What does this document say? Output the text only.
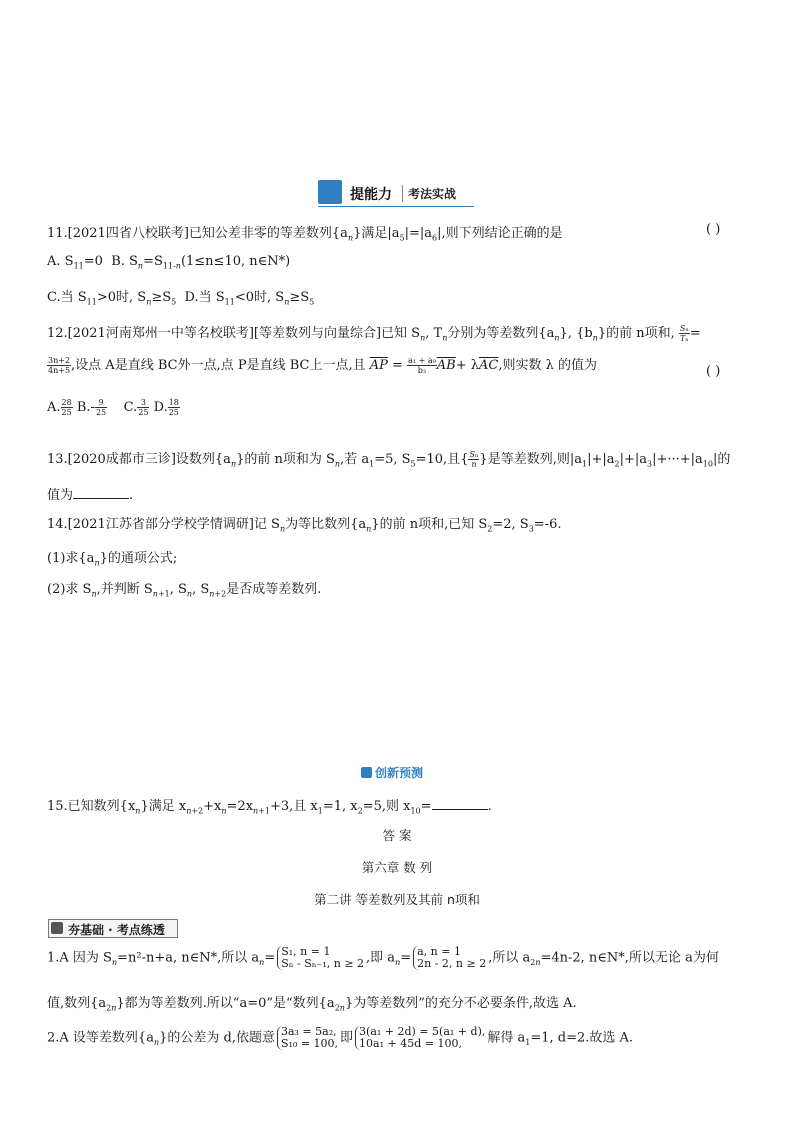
提能力	考法实战
11.[2021四省八校联考]已知公差非零的等差数列$\{a_n\}$满足$|a_5|=|a_6|$,则下列结论正确的是	( )
A. $S_{11}=0$ B. $S_n=S_{11-n}(1\le n\le 10$, n∈N*)
C.当 $S_{11}>0$时, $S_n\ge S_5$ D.当 $S_{11}<0$时, $S_n\ge S_5$
12.[2021河南郑州一中等名校联考][等差数列与向量综合]已知 $S_n$, $T_n$分别为等差数列$\{a_n\}$, $\{b_n\}$的前 n项和, $\frac{\text{Sₙ}}{\text{Tₙ}}$ =
$\frac{3n+2}{4n+5}$ ,设点 A是直线 BC外一点,点 P是直线 BC上一点,且 $\overline{AP} = \frac{\text{a₁ + a₉}}{\text{b₃}} \overline{AB}+ \lambda\overline{AC}$,则实数 λ 的值为	( )
A. $\frac{28}{25} B.- \frac{9}{25} C$. $\frac{3}{25} D$. $\frac{18}{25}$
13.[2020成都市三诊]设数列$\{a_n\}$的前 n项和为 $S_n$,若 $a_1=5$, $S_5=10$,且{ $\frac{\text{Sₙ}}{n}$ }是等差数列,则$|a_1|+|a_2|+|a_3|+\cdot\cdot\cdot+|a_{10}|$的
值为	.
14.[2021江苏省部分学校学情调研]记 $S_n$为等比数列$\{a_n\}$的前 n项和,已知 $S_2=2$, $S_3=-6$.
(1)求$\{a_n\}$的通项公式;
(2)求 $S_n$,并判断 $S_{n+1}$, $S_n$, $S_{n+2}$是否成等差数列.
创新预测
15.已知数列$\{x_n\}$满足 $x_{n+2}+x_n=2x_{n+1}+3$,且 $x_1=1$, $x_2=5$,则 $x_{10}=$	.
答 案
第六章 数 列
第二讲 等差数列及其前 n项和
夯基础 · 考点练透
1.A 因为 $S_n=n^2-n+a$, n∈N*,所以 $a_n= S_1$, n = 1
Sₙ - Sₙ₋₁, n ≥ 2 ,即 $a_n= a$, n = 1
2n - 2, n ≥ 2 ,所以 $a_{2n}=4n-2$, n∈N*,所以无论 a为何
值,数列$\{a_{2n}\}$都为等差数列.所以“a=0”是“数列$\{a_{2n}\}$为等差数列”的充分不必要条件,故选 A.
2.A 设等差数列$\{a_n\}$的公差为 d,依题意 3a₃ = 5a₂,
S₁₀ = 100, 即 3(a₁ + 2d) = 5(a₁ + d),
10a₁ + 45d = 100, 解得 $a_1=1$, d=2.故选 A.
